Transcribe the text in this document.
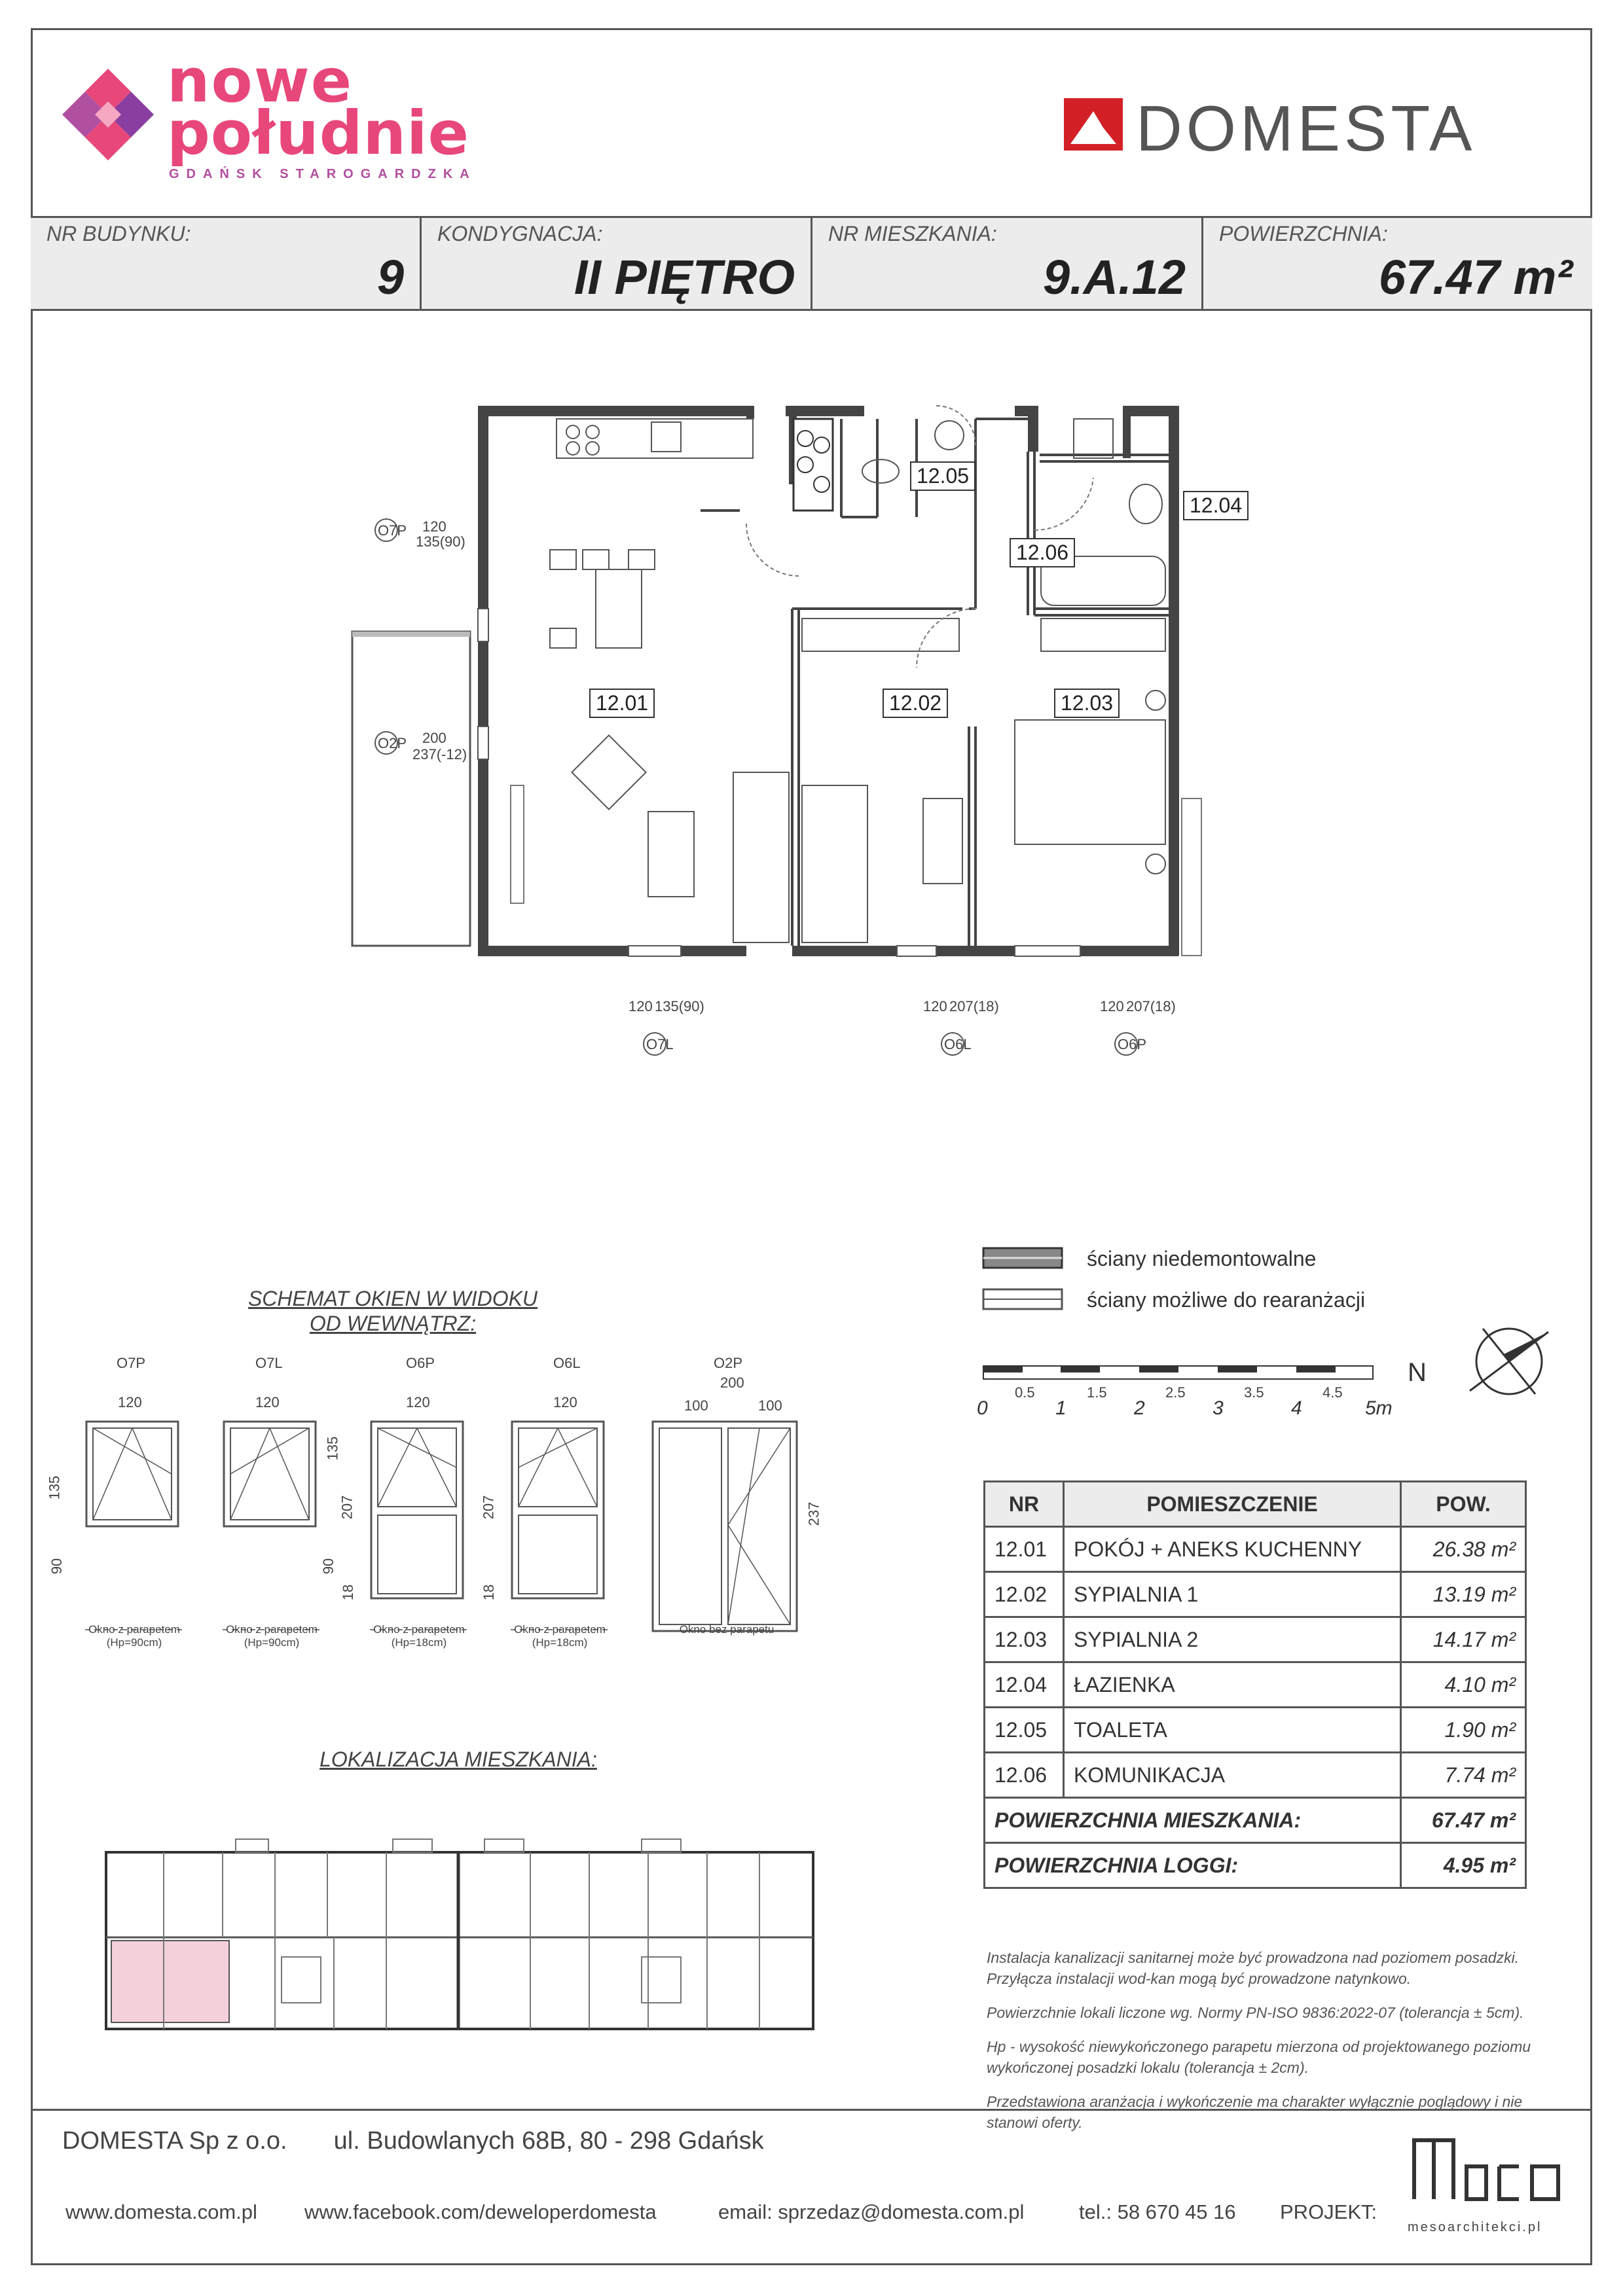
nowe
południe
GDAŃSK STAROGARDZKA
DOMESTA
NR BUDYNKU:
9
KONDYGNACJA:
II PIĘTRO
NR MIESZKANIA:
9.A.12
POWIERZCHNIA:
67.47 m²
O7P 120
135(90)
O2P 200
237(-12)
O7L
120 135(90)
O6L
120 207(18)
O6P
120 207(18)
12.01	12.02	12.03
12.04
12.05
12.06
ściany niedemontowalne
ściany możliwe do rearanżacji
0.5	1.5	2.5	3.5	4.5
0	1	2	3	4	5m
N
SCHEMAT OKIEN W WIDOKU
OD WEWNĄTRZ:
O7P
120
135
90
Okno z parapetem
(Hp=90cm)
O7L
120
Okno z parapetem
(Hp=90cm)
O6P
120
135
90
207
18
Okno z parapetem
(Hp=18cm)
O6L
120
207
18
Okno z parapetem
(Hp=18cm)
O2P
200
100	100
237
Okno bez parapetu
LOKALIZACJA MIESZKANIA:
NR	POMIESZCZENIE	POW.
12.01	POKÓJ + ANEKS KUCHENNY	26.38 m²
12.02	SYPIALNIA 1	13.19 m²
12.03	SYPIALNIA 2	14.17 m²
12.04	ŁAZIENKA	4.10 m²
12.05	TOALETA	1.90 m²
12.06	KOMUNIKACJA	7.74 m²
POWIERZCHNIA MIESZKANIA:		67.47 m²
POWIERZCHNIA LOGGI:		4.95 m²

Instalacja kanalizacji sanitarnej może być prowadzona nad poziomem posadzki. Przyłącza instalacji wod-kan mogą być prowadzone natynkowo.

Powierzchnie lokali liczone wg. Normy PN-ISO 9836:2022-07 (tolerancja ± 5cm).

Hp - wysokość niewykończonego parapetu mierzona od projektowanego poziomu wykończonej posadzki lokalu (tolerancja ± 2cm).

Przedstawiona aranżacja i wykończenie ma charakter wyłącznie poglądowy i nie stanowi oferty.

DOMESTA Sp z o.o. ul. Budowlanych 68B, 80 - 298 Gdańsk
www.domesta.com.pl www.facebook.com/deweloperdomesta	email: sprzedaz@domesta.com.pl	tel.: 58 670 45 16 PROJEKT:
mesoarchitekci.pl
